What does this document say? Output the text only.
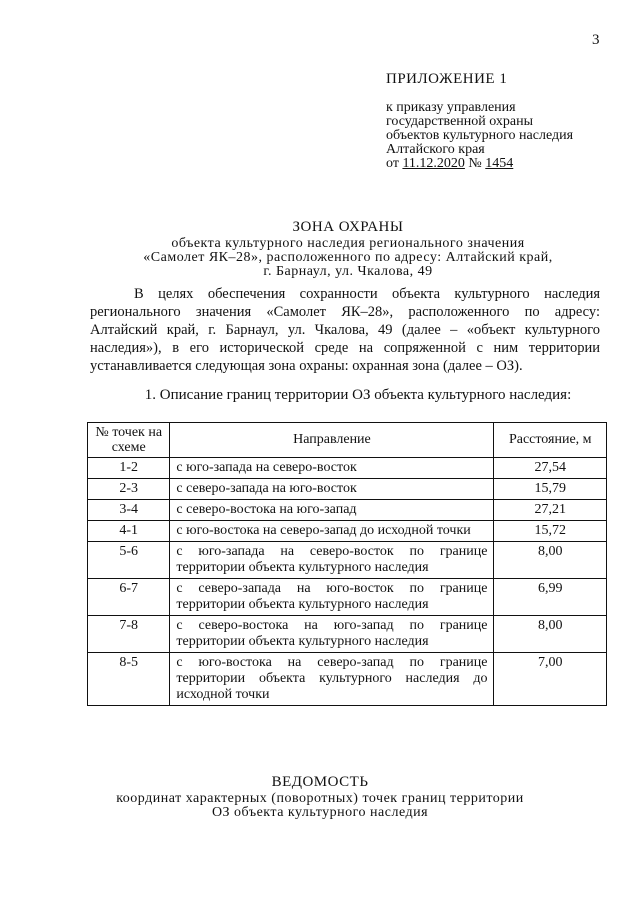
3
ПРИЛОЖЕНИЕ 1
к приказу управления
государственной охраны
объектов культурного наследия
Алтайского края
от 11.12.2020 № 1454
ЗОНА ОХРАНЫ
объекта культурного наследия регионального значения
«Самолет ЯК–28», расположенного по адресу: Алтайский край,
г. Барнаул, ул. Чкалова, 49
В целях обеспечения сохранности объекта культурного наследия регионального значения «Самолет ЯК–28», расположенного по адресу: Алтайский край, г. Барнаул, ул. Чкалова, 49 (далее – «объект культурного наследия»), в его исторической среде на сопряженной с ним территории устанавливается следующая зона охраны: охранная зона (далее – ОЗ).
1. Описание границ территории ОЗ объекта культурного наследия:
№ точек на схеме	Направление	Расстояние, м
1-2	с юго-запада на северо-восток	27,54
2-3	с северо-запада на юго-восток	15,79
3-4	с северо-востока на юго-запад	27,21
4-1	с юго-востока на северо-запад до исходной точки	15,72
5-6	с юго-запада на северо-восток по границе территории объекта культурного наследия	8,00
6-7	с северо-запада на юго-восток по границе территории объекта культурного наследия	6,99
7-8	с северо-востока на юго-запад по границе территории объекта культурного наследия	8,00
8-5	с юго-востока на северо-запад по границе территории объекта культурного наследия до исходной точки	7,00
ВЕДОМОСТЬ
координат характерных (поворотных) точек границ территории
ОЗ объекта культурного наследия
